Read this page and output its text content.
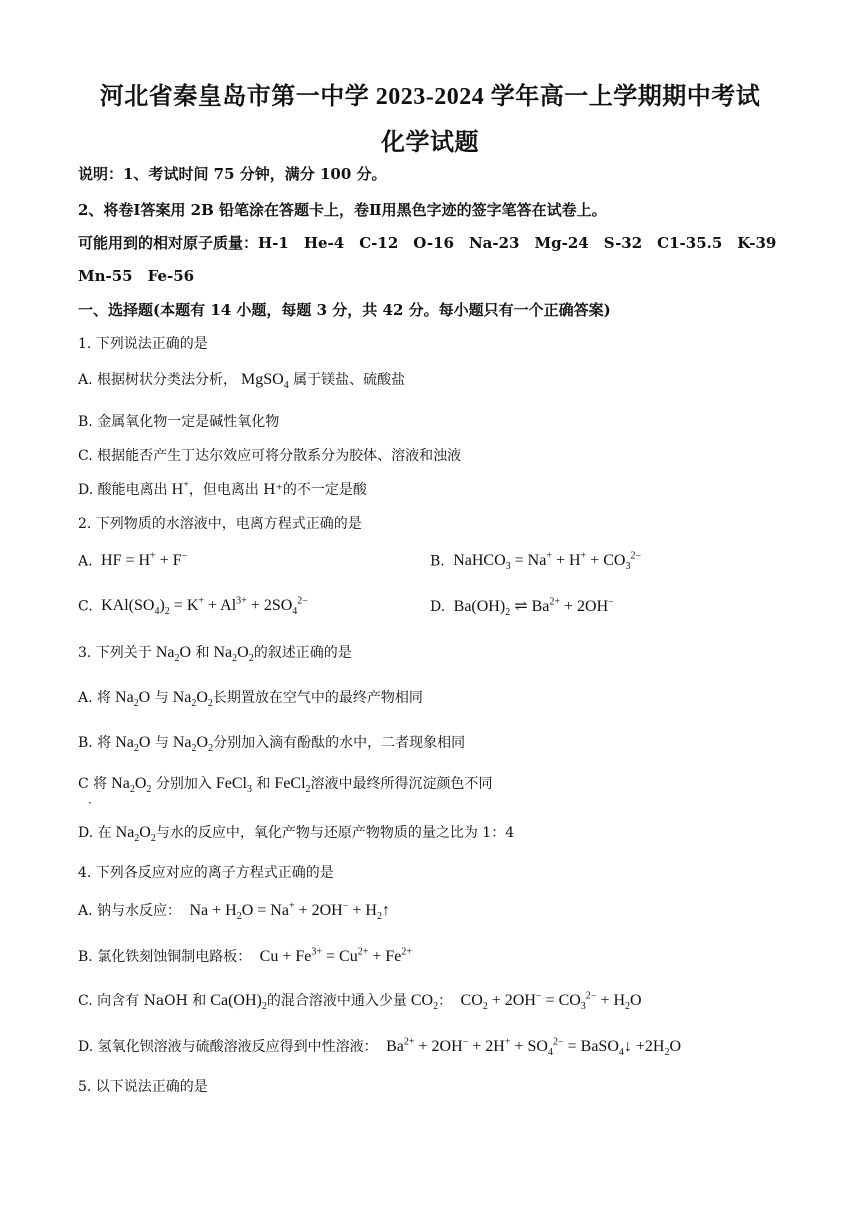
河北省秦皇岛市第一中学 2023-2024 学年高一上学期期中考试
化学试题
说明：1、考试时间 75 分钟，满分 100 分。
2、将卷Ⅰ答案用 2B 铅笔涂在答题卡上，卷Ⅱ用黑色字迹的签字笔答在试卷上。
可能用到的相对原子质量：H-1　He-4　C-12　O-16　Na-23　Mg-24　S-32　C1-35.5　K-39
Mn-55　Fe-56
一、选择题(本题有 14 小题，每题 3 分，共 42 分。每小题只有一个正确答案)
1. 下列说法正确的是
A. 根据树状分类法分析， MgSO$_4$ 属于镁盐、硫酸盐
B. 金属氧化物一定是碱性氧化物
C. 根据能否产生丁达尔效应可将分散系分为胶体、溶液和浊液
D. 酸能电离出 H+，但电离出 H⁺的不一定是酸
2. 下列物质的水溶液中，电离方程式正确的是
A. HF = H+ + F−	B. NaHCO$_3$ = $Na^+ + H^+ + CO_3^{2-}$
C. $KAl(SO_4)_2 = K^+ + Al^{3+} + 2SO_4^{2-}$	D. $Ba(OH)_2$ ⇌ $Ba^{2+} + 2OH^-$
3. 下列关于 $Na_2O$ 和 $Na_2O_2$的叙述正确的是
A. 将 $Na_2O$ 与 $Na_2O_2$长期置放在空气中的最终产物相同
B. 将 $Na_2O$ 与 $Na_2O_2$分别加入滴有酚酞的水中，二者现象相同
C 将 $Na_2O_2$ 分别加入 FeCl$_3$ 和 FeCl$_2$溶液中最终所得沉淀颜色不同
·
D. 在 $Na_2O_2$与水的反应中，氧化产物与还原产物物质的量之比为 1：4
4. 下列各反应对应的离子方程式正确的是
A. 钠与水反应： $Na + H_2O = Na^+ + 2OH^-$ + $H_2↑$
B. 氯化铁刻蚀铜制电路板： $Cu + Fe^{3+} = Cu^{2+} + Fe^{2+}$
C. 向含有 NaOH 和 $Ca(OH)_2$的混合溶液中通入少量 $CO_2$： $CO_2 + 2OH^- = CO_3^{2-} + H_2O$
D. 氢氧化钡溶液与硫酸溶液反应得到中性溶液： $Ba^{2+} + 2OH^- + 2H^+ + SO_4^{2-}$ = BaSO$_4$↓ $+2H_2O$
5. 以下说法正确的是
